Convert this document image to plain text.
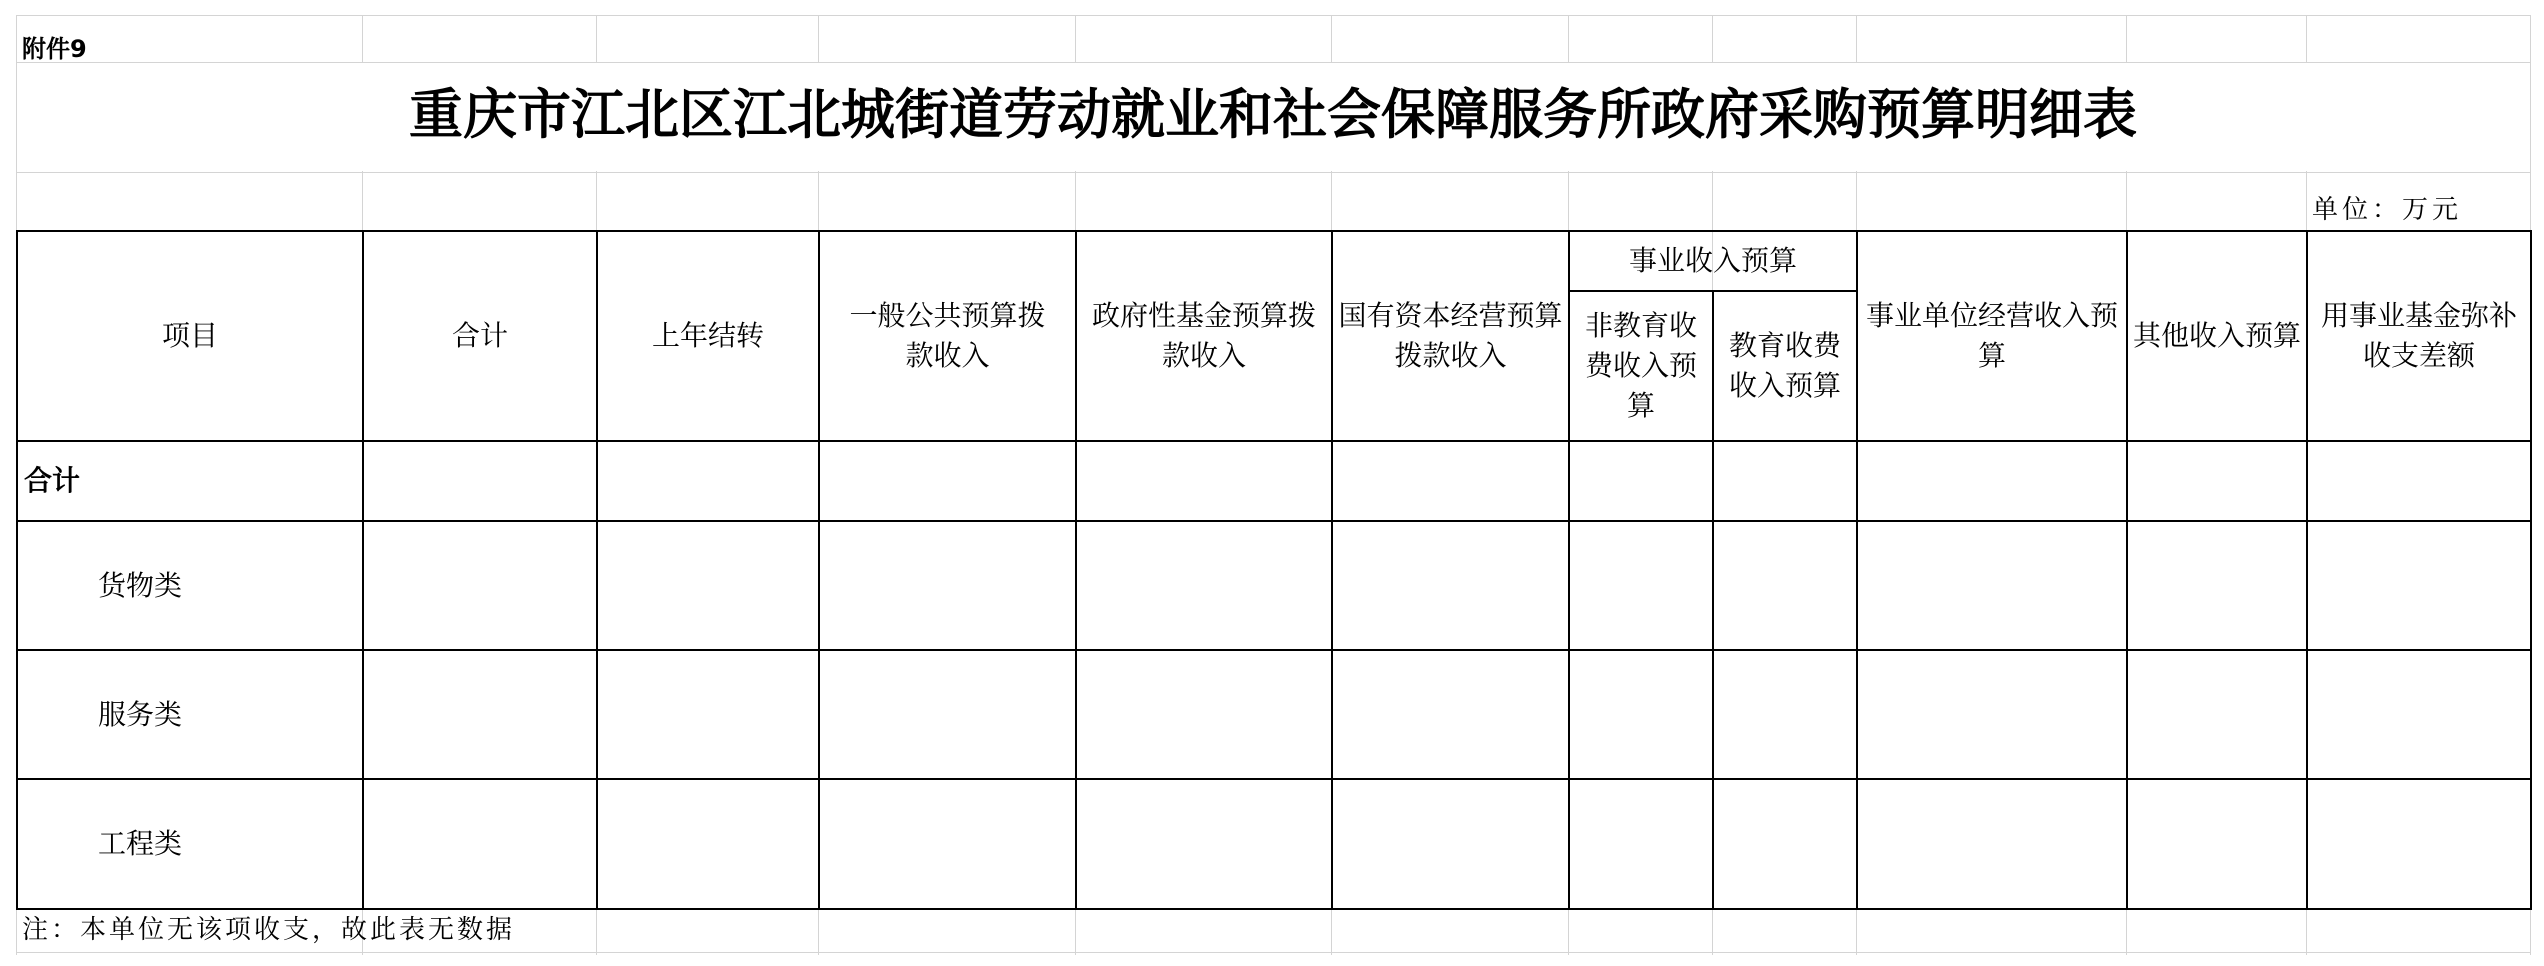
附件9
重庆市江北区江北城街道劳动就业和社会保障服务所政府采购预算明细表
单位：万元
项目	合计	上年结转	一般公共预算拨款收入	政府性基金预算拨款收入	国有资本经营预算拨款收入	事业收入预算		事业单位经营收入预算	其他收入预算	用事业基金弥补收支差额
						非教育收费收入预算	教育收费收入预算			
合计										
货物类										
服务类										
工程类										
注：本单位无该项收支，故此表无数据
